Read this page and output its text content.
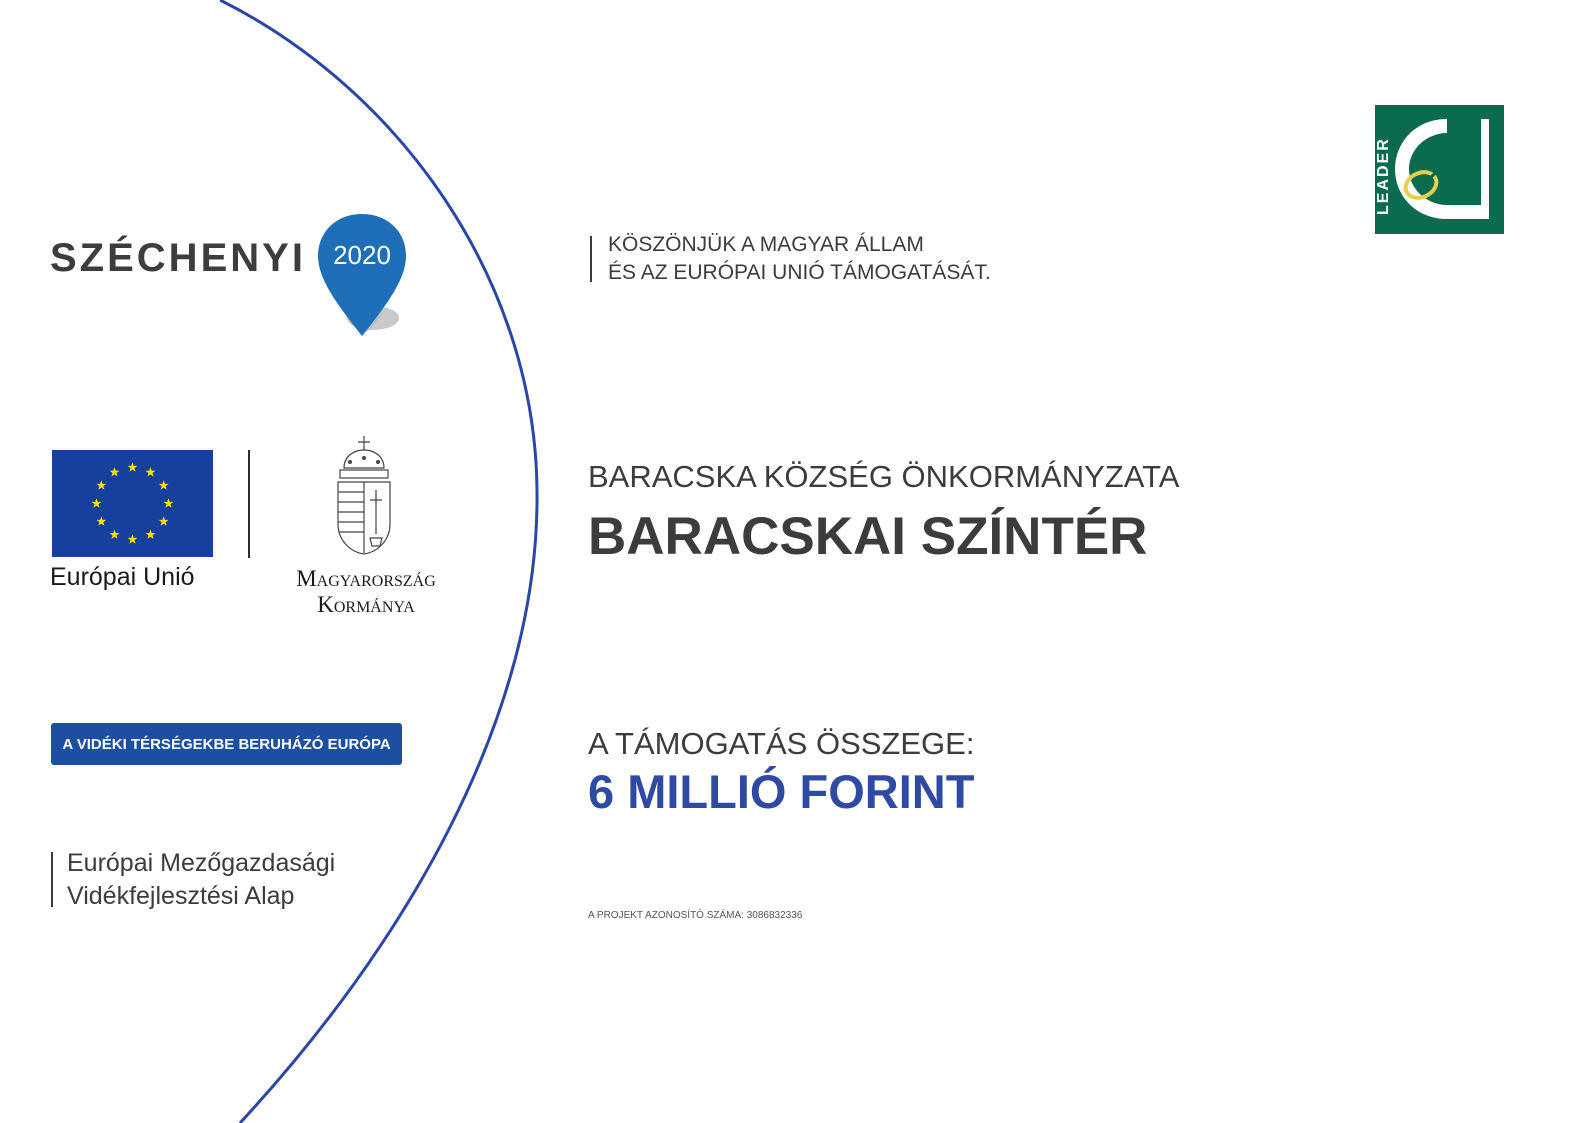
SZÉCHENYI	2020	KÖSZÖNJÜK A MAGYAR ÁLLAM
ÉS AZ EURÓPAI UNIÓ TÁMOGATÁSÁT.
LEADER
Európai Unió	Magyarország
Kormánya
BARACSKA KÖZSÉG ÖNKORMÁNYZATA
BARACSKAI SZÍNTÉR
A VIDÉKI TÉRSÉGEKBE BERUHÁZÓ EURÓPA	A TÁMOGATÁS ÖSSZEGE:
6 MILLIÓ FORINT
Európai Mezőgazdasági
Vidékfejlesztési Alap
A PROJEKT AZONOSÍTÓ SZÁMA: 3086832336
